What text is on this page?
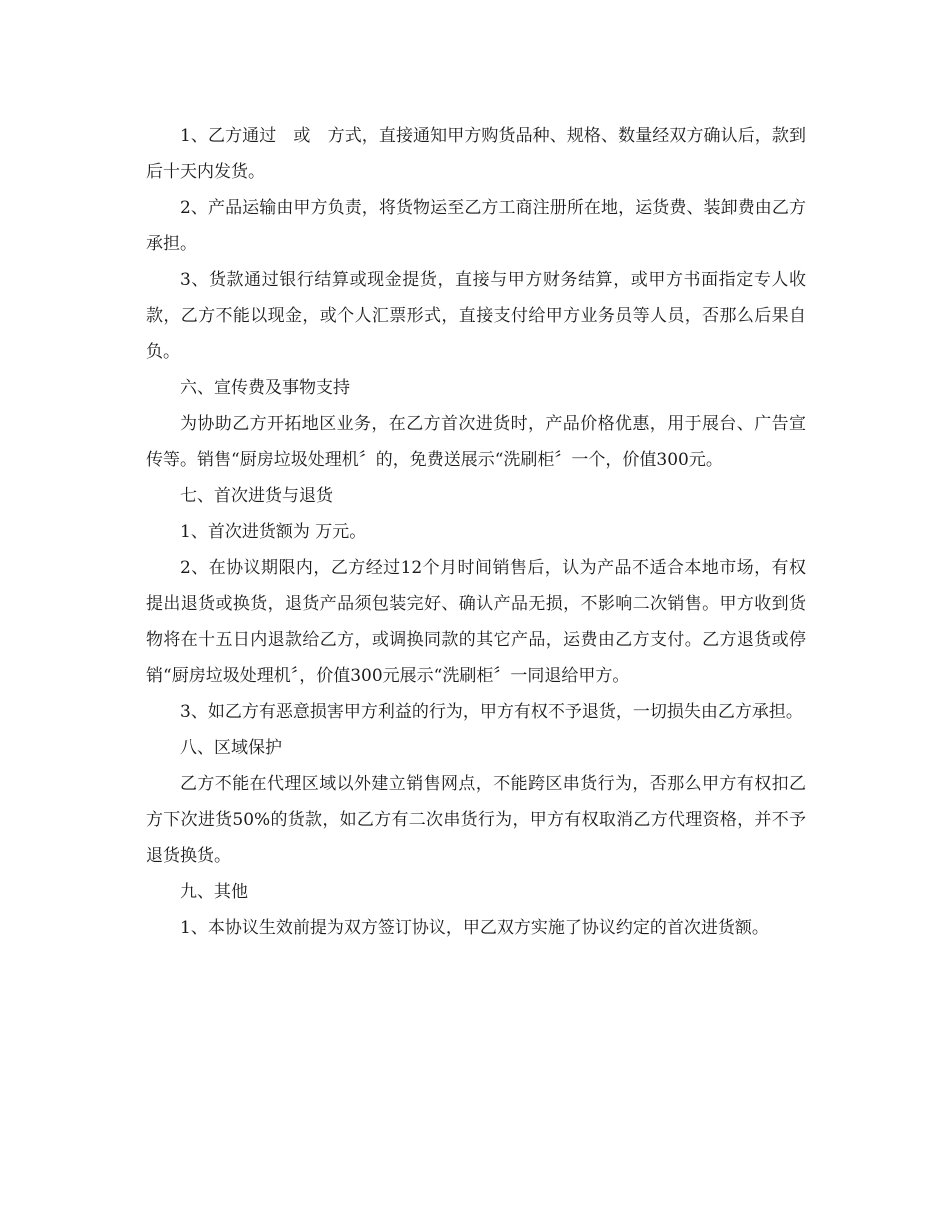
1、乙方通过　或　方式，直接通知甲方购货品种、规格、数量经双方确认后，款到后十天内发货。

2、产品运输由甲方负责，将货物运至乙方工商注册所在地，运货费、装卸费由乙方承担。

3、货款通过银行结算或现金提货，直接与甲方财务结算，或甲方书面指定专人收款，乙方不能以现金，或个人汇票形式，直接支付给甲方业务员等人员，否那么后果自负。

六、宣传费及事物支持

为协助乙方开拓地区业务，在乙方首次进货时，产品价格优惠，用于展台、广告宣传等。销售“厨房垃圾处理机〞的，免费送展示“洗刷柜〞一个，价值300元。

七、首次进货与退货

1、首次进货额为 万元。

2、在协议期限内，乙方经过12个月时间销售后，认为产品不适合本地市场，有权提出退货或换货，退货产品须包装完好、确认产品无损，不影响二次销售。甲方收到货物将在十五日内退款给乙方，或调换同款的其它产品，运费由乙方支付。乙方退货或停销“厨房垃圾处理机〞，价值300元展示“洗刷柜〞一同退给甲方。

3、如乙方有恶意损害甲方利益的行为，甲方有权不予退货，一切损失由乙方承担。

八、区域保护

乙方不能在代理区域以外建立销售网点，不能跨区串货行为，否那么甲方有权扣乙方下次进货50%的货款，如乙方有二次串货行为，甲方有权取消乙方代理资格，并不予退货换货。

九、其他

1、本协议生效前提为双方签订协议，甲乙双方实施了协议约定的首次进货额。
